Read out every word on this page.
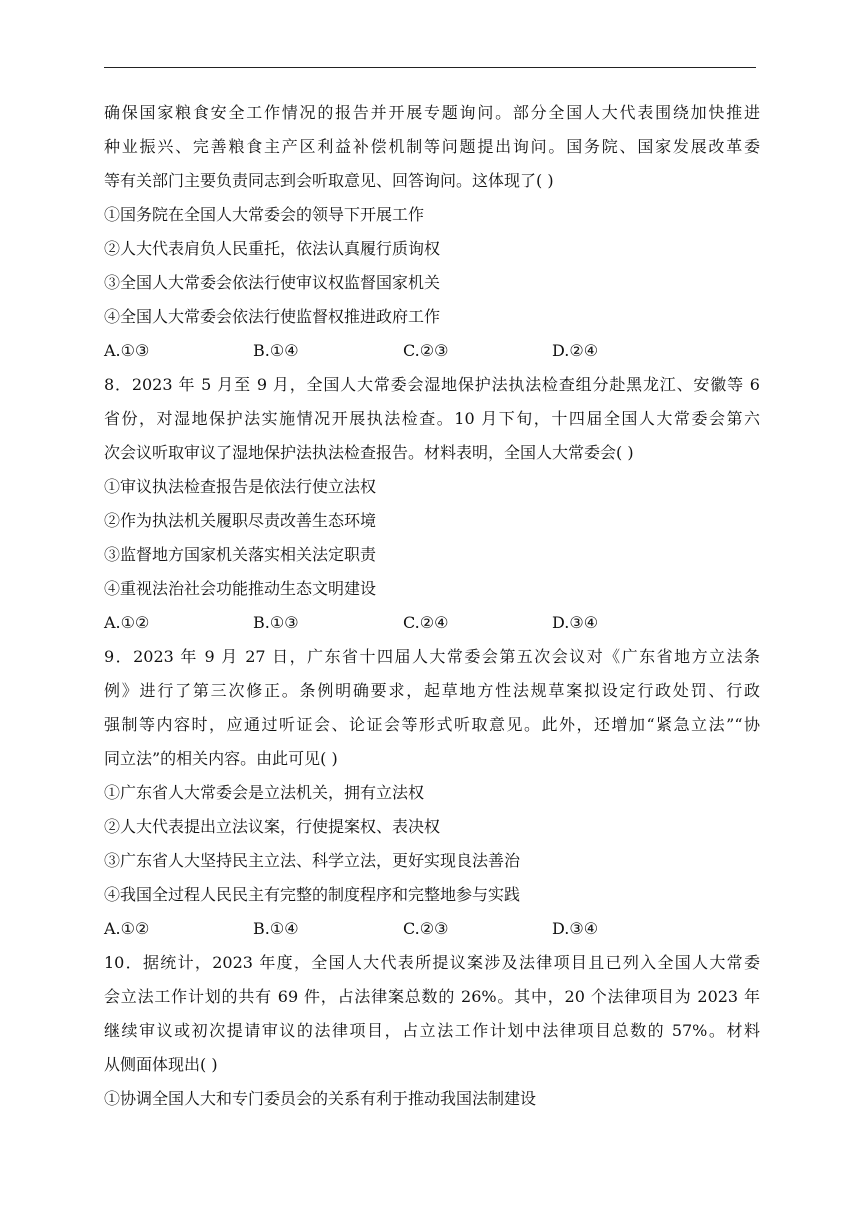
确保国家粮食安全工作情况的报告并开展专题询问。部分全国人大代表围绕加快推进
种业振兴、完善粮食主产区利益补偿机制等问题提出询问。国务院、国家发展改革委
等有关部门主要负责同志到会听取意见、回答询问。这体现了( )
①国务院在全国人大常委会的领导下开展工作
②人大代表肩负人民重托，依法认真履行质询权
③全国人大常委会依法行使审议权监督国家机关
④全国人大常委会依法行使监督权推进政府工作
A.①③	B.①④	C.②③	D.②④
8．2023 年 5 月至 9 月，全国人大常委会湿地保护法执法检查组分赴黑龙江、安徽等 6
省份，对湿地保护法实施情况开展执法检查。10 月下旬，十四届全国人大常委会第六
次会议听取审议了湿地保护法执法检查报告。材料表明，全国人大常委会( )
①审议执法检查报告是依法行使立法权
②作为执法机关履职尽责改善生态环境
③监督地方国家机关落实相关法定职责
④重视法治社会功能推动生态文明建设
A.①②	B.①③	C.②④	D.③④
9．2023 年 9 月 27 日，广东省十四届人大常委会第五次会议对《广东省地方立法条
例》进行了第三次修正。条例明确要求，起草地方性法规草案拟设定行政处罚、行政
强制等内容时，应通过听证会、论证会等形式听取意见。此外，还增加“紧急立法”“协
同立法”的相关内容。由此可见( )
①广东省人大常委会是立法机关，拥有立法权
②人大代表提出立法议案，行使提案权、表决权
③广东省人大坚持民主立法、科学立法，更好实现良法善治
④我国全过程人民民主有完整的制度程序和完整地参与实践
A.①②	B.①④	C.②③	D.③④
10．据统计，2023 年度，全国人大代表所提议案涉及法律项目且已列入全国人大常委
会立法工作计划的共有 69 件，占法律案总数的 26%。其中，20 个法律项目为 2023 年
继续审议或初次提请审议的法律项目，占立法工作计划中法律项目总数的 57%。材料
从侧面体现出( )
①协调全国人大和专门委员会的关系有利于推动我国法制建设
